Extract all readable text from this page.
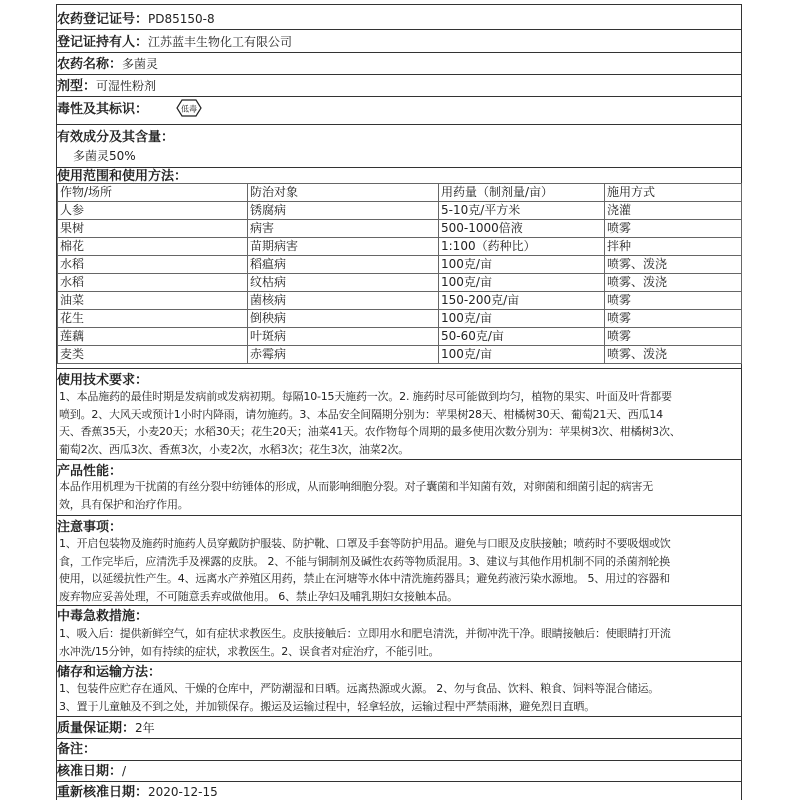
农药登记证号：PD85150-8
登记证持有人：江苏蓝丰生物化工有限公司
农药名称：多菌灵
剂型：可湿性粉剂
毒性及其标识：	低毒
有效成分及其含量：
多菌灵50%
使用范围和使用方法：
作物/场所	防治对象	用药量（制剂量/亩）	施用方式
人参	锈腐病	5-10克/平方米	浇灌
果树	病害	500-1000倍液	喷雾
棉花	苗期病害	1:100（药种比）	拌种
水稻	稻瘟病	100克/亩	喷雾、泼浇
水稻	纹枯病	100克/亩	喷雾、泼浇
油菜	菌核病	150-200克/亩	喷雾
花生	倒秧病	100克/亩	喷雾
莲藕	叶斑病	50-60克/亩	喷雾
麦类	赤霉病	100克/亩	喷雾、泼浇
使用技术要求：
1、本品施药的最佳时期是发病前或发病初期。每隔10-15天施药一次。2. 施药时尽可能做到均匀，植物的果实、叶面及叶背都要
喷到。2、大风天或预计1小时内降雨，请勿施药。3、本品安全间隔期分别为：苹果树28天、柑橘树30天、葡萄21天、西瓜14
天、香蕉35天，小麦20天；水稻30天；花生20天；油菜41天。农作物每个周期的最多使用次数分别为：苹果树3次、柑橘树3次、
葡萄2次、西瓜3次、香蕉3次，小麦2次，水稻3次；花生3次，油菜2次。
产品性能：
本品作用机理为干扰菌的有丝分裂中纺锤体的形成，从而影响细胞分裂。对子囊菌和半知菌有效，对卵菌和细菌引起的病害无
效，具有保护和治疗作用。
注意事项：
1、开启包装物及施药时施药人员穿戴防护服装、防护靴、口罩及手套等防护用品。避免与口眼及皮肤接触；喷药时不要吸烟或饮
食，工作完毕后，应清洗手及裸露的皮肤。 2、不能与铜制剂及碱性农药等物质混用。3、建议与其他作用机制不同的杀菌剂轮换
使用，以延缓抗性产生。4、远离水产养殖区用药，禁止在河塘等水体中清洗施药器具；避免药液污染水源地。 5、用过的容器和
废弃物应妥善处理，不可随意丢弃或做他用。 6、禁止孕妇及哺乳期妇女接触本品。
中毒急救措施：
1、吸入后：提供新鲜空气，如有症状求教医生。皮肤接触后：立即用水和肥皂清洗，并彻冲洗干净。眼睛接触后：使眼睛打开流
水冲洗/15分钟，如有持续的症状，求教医生。2、误食者对症治疗，不能引吐。
储存和运输方法：
1、包装件应贮存在通风、干燥的仓库中，严防潮湿和日晒。远离热源或火源。 2、勿与食品、饮料、粮食、饲料等混合储运。
3、置于儿童触及不到之处，并加锁保存。搬运及运输过程中，轻拿轻放，运输过程中严禁雨淋，避免烈日直晒。
质量保证期：2年
备注：
核准日期：/
重新核准日期：2020-12-15
